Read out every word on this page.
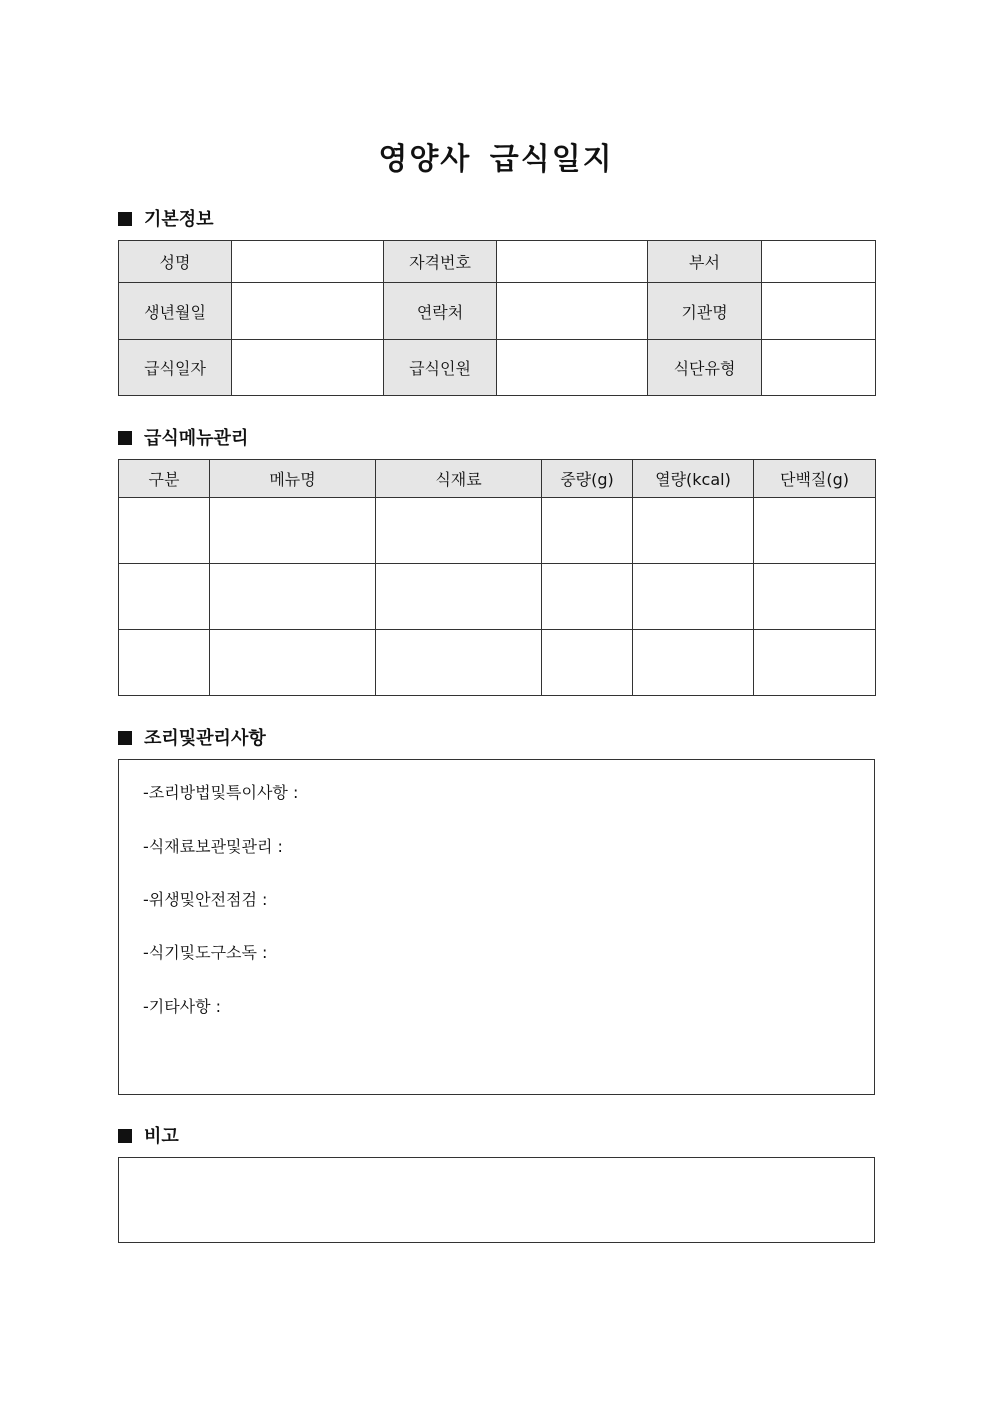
영양사 급식일지
기본정보
성명		자격번호		부서	
생년월일		연락처		기관명	
급식일자		급식인원		식단유형	
급식메뉴관리
구분	메뉴명	식재료	중량(g)	열량(kcal)	단백질(g)

조리및관리사항
-조리방법및특이사항 :
-식재료보관및관리 :
-위생및안전점검 :
-식기및도구소독 :
-기타사항 :
비고
